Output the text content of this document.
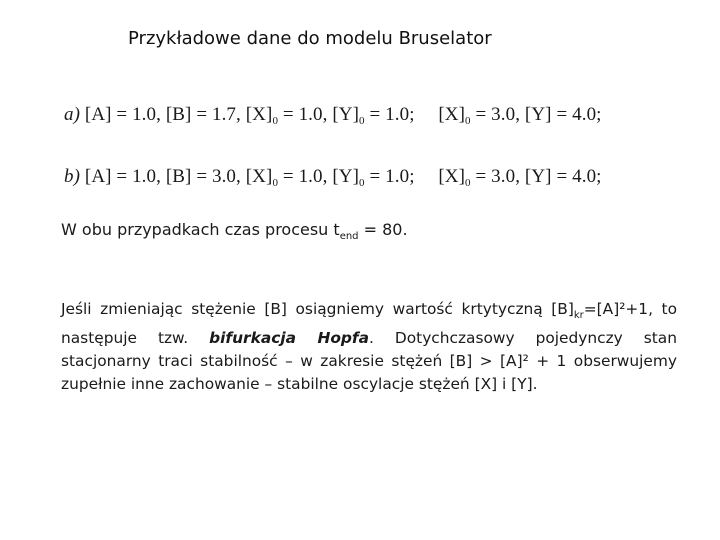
Przykładowe dane do modelu Bruselator
a) [A] = 1.0, [B] = 1.7, $[X]_0 = 1.0$, $[Y]_0 = 1.0$; $[X]_0 = 3.0$, [Y] = 4.0;
b) [A] = 1.0, [B] = 3.0, $[X]_0 = 1.0$, $[Y]_0 = 1.0$; $[X]_0 = 3.0$, [Y] = 4.0;
W obu przypadkach czas procesu $t_{end} = 80$.
Jeśli zmieniając stężenie [B] osiągniemy wartość krtytyczną $[B]_{kr}=[A]^2+1$, to
następuje tzw. bifurkacja Hopfa. Dotychczasowy pojedynczy stan
stacjonarny traci stabilność – w zakresie stężeń [B] > [A]² + 1 obserwujemy
zupełnie inne zachowanie – stabilne oscylacje stężeń [X] i [Y].
